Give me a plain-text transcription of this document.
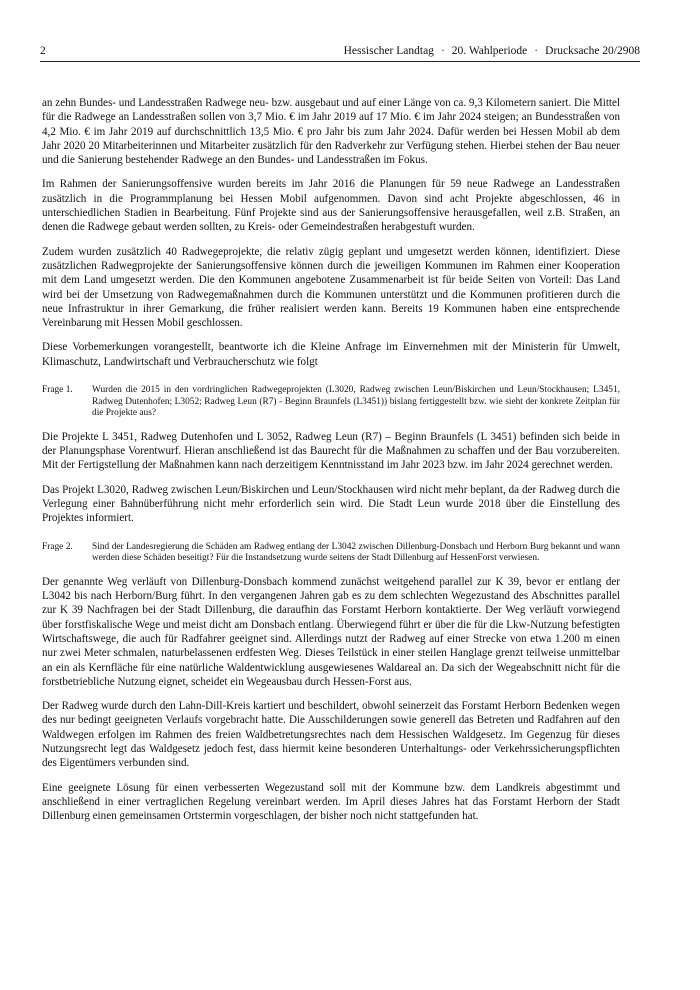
2	Hessischer Landtag · 20. Wahlperiode · Drucksache 20/2908

an zehn Bundes- und Landesstraßen Radwege neu- bzw. ausgebaut und auf einer Länge von ca. 9,3 Kilometern saniert. Die Mittel für die Radwege an Landesstraßen sollen von 3,7 Mio. € im Jahr 2019 auf 17 Mio. € im Jahr 2024 steigen; an Bundesstraßen von 4,2 Mio. € im Jahr 2019 auf durchschnittlich 13,5 Mio. € pro Jahr bis zum Jahr 2024. Dafür werden bei Hessen Mobil ab dem Jahr 2020 20 Mitarbeiterinnen und Mitarbeiter zusätzlich für den Radverkehr zur Verfügung stehen. Hierbei stehen der Bau neuer und die Sanierung bestehender Radwege an den Bundes- und Landesstraßen im Fokus.

Im Rahmen der Sanierungsoffensive wurden bereits im Jahr 2016 die Planungen für 59 neue Radwege an Landesstraßen zusätzlich in die Programmplanung bei Hessen Mobil aufgenommen. Davon sind acht Projekte abgeschlossen, 46 in unterschiedlichen Stadien in Bearbeitung. Fünf Projekte sind aus der Sanierungsoffensive herausgefallen, weil z.B. Straßen, an denen die Radwege gebaut werden sollten, zu Kreis- oder Gemeindestraßen herabgestuft wurden.

Zudem wurden zusätzlich 40 Radwegeprojekte, die relativ zügig geplant und umgesetzt werden können, identifiziert. Diese zusätzlichen Radwegprojekte der Sanierungsoffensive können durch die jeweiligen Kommunen im Rahmen einer Kooperation mit dem Land umgesetzt werden. Die den Kommunen angebotene Zusammenarbeit ist für beide Seiten von Vorteil: Das Land wird bei der Umsetzung von Radwegemaßnahmen durch die Kommunen unterstützt und die Kommunen profitieren durch die neue Infrastruktur in ihrer Gemarkung, die früher realisiert werden kann. Bereits 19 Kommunen haben eine entsprechende Vereinbarung mit Hessen Mobil geschlossen.

Diese Vorbemerkungen vorangestellt, beantworte ich die Kleine Anfrage im Einvernehmen mit der Ministerin für Umwelt, Klimaschutz, Landwirtschaft und Verbraucherschutz wie folgt

Frage 1.	Wurden die 2015 in den vordringlichen Radwegeprojekten (L3020, Radweg zwischen Leun/Biskirchen und Leun/Stockhausen; L3451, Radweg Dutenhofen; L3052; Radweg Leun (R7) - Beginn Braunfels (L3451)) bislang fertiggestellt bzw. wie sieht der konkrete Zeitplan für die Projekte aus?

Die Projekte L 3451, Radweg Dutenhofen und L 3052, Radweg Leun (R7) – Beginn Braunfels (L 3451) befinden sich beide in der Planungsphase Vorentwurf. Hieran anschließend ist das Baurecht für die Maßnahmen zu schaffen und der Bau vorzubereiten. Mit der Fertigstellung der Maßnahmen kann nach derzeitigem Kenntnisstand im Jahr 2023 bzw. im Jahr 2024 gerechnet werden.

Das Projekt L3020, Radweg zwischen Leun/Biskirchen und Leun/Stockhausen wird nicht mehr beplant, da der Radweg durch die Verlegung einer Bahnüberführung nicht mehr erforderlich sein wird. Die Stadt Leun wurde 2018 über die Einstellung des Projektes informiert.

Frage 2.	Sind der Landesregierung die Schäden am Radweg entlang der L3042 zwischen Dillenburg-Donsbach und Herborn Burg bekannt und wann werden diese Schäden beseitigt? Für die Instandsetzung wurde seitens der Stadt Dillenburg auf HessenForst verwiesen.

Der genannte Weg verläuft von Dillenburg-Donsbach kommend zunächst weitgehend parallel zur K 39, bevor er entlang der L3042 bis nach Herborn/Burg führt. In den vergangenen Jahren gab es zu dem schlechten Wegezustand des Abschnittes parallel zur K 39 Nachfragen bei der Stadt Dillenburg, die daraufhin das Forstamt Herborn kontaktierte. Der Weg verläuft vorwiegend über forstfiskalische Wege und meist dicht am Donsbach entlang. Überwiegend führt er über die für die Lkw-Nutzung befestigten Wirtschaftswege, die auch für Radfahrer geeignet sind. Allerdings nutzt der Radweg auf einer Strecke von etwa 1.200 m einen nur zwei Meter schmalen, naturbelassenen erdfesten Weg. Dieses Teilstück in einer steilen Hanglage grenzt teilweise unmittelbar an ein als Kernfläche für eine natürliche Waldentwicklung ausgewiesenes Waldareal an. Da sich der Wegeabschnitt nicht für die forstbetriebliche Nutzung eignet, scheidet ein Wegeausbau durch Hessen-Forst aus.

Der Radweg wurde durch den Lahn-Dill-Kreis kartiert und beschildert, obwohl seinerzeit das Forstamt Herborn Bedenken wegen des nur bedingt geeigneten Verlaufs vorgebracht hatte. Die Ausschilderungen sowie generell das Betreten und Radfahren auf den Waldwegen erfolgen im Rahmen des freien Waldbetretungsrechtes nach dem Hessischen Waldgesetz. Im Gegenzug für dieses Nutzungsrecht legt das Waldgesetz jedoch fest, dass hiermit keine besonderen Unterhaltungs- oder Verkehrssicherungspflichten des Eigentümers verbunden sind.

Eine geeignete Lösung für einen verbesserten Wegezustand soll mit der Kommune bzw. dem Landkreis abgestimmt und anschließend in einer vertraglichen Regelung vereinbart werden. Im April dieses Jahres hat das Forstamt Herborn der Stadt Dillenburg einen gemeinsamen Ortstermin vorgeschlagen, der bisher noch nicht stattgefunden hat.
